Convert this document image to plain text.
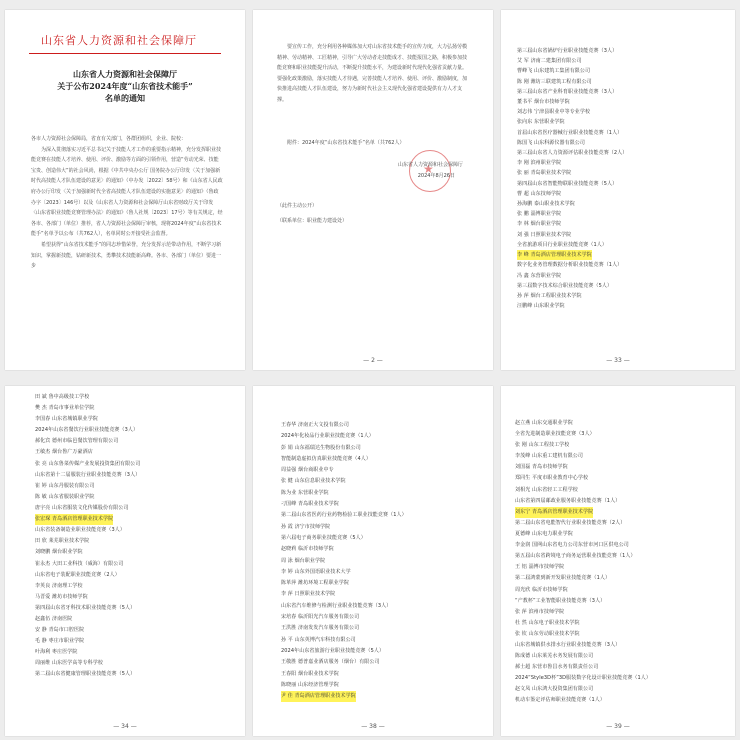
山东省人力资源和社会保障厅
山东省人力资源和社会保障厅
关于公布2024年度“山东省技术能手”
名单的通知
各市人力资源社会保障局，省直有关部门，各群团组织，企业、院校：
为深入贯彻落实习近平总书记关于技能人才工作的重要指示精神，充分发挥职业技能竞赛在技能人才培养、使用、评价、激励等方面的引领作用，营造“劳动光荣、技能宝贵、创造伟大”的社会风尚，根据《中共中央办公厅 国务院办公厅印发〈关于加强新时代高技能人才队伍建设的意见〉的通知》（中办发〔2022〕58号）和《山东省人民政府办公厅印发〈关于加强新时代全省高技能人才队伍建设的实施意见〉的通知》（鲁政办字〔2023〕146号）以及《山东省人力资源和社会保障厅山东省财政厅关于印发〈山东省职业技能竞赛管理办法〉的通知》（鲁人社规〔2023〕17号）等有关规定，经各市、各部门（单位）推荐，省人力资源社会保障厅审核，现将2024年度“山东省技术能手”名单予以公布（共762人），名单同时公开接受社会监督。
希望获得“山东省技术能手”的同志珍惜荣誉，充分发挥示范带动作用，不断学习新知识，掌握新技能，钻研新技术，勇攀技术技能新高峰。各市、各部门（单位）要进一步
要宣传工作，充分利用各种媒体加大对山东省技术能手的宣传力度，大力弘扬劳模精神、劳动精神、工匠精神，引导广大劳动者走技能成才、技能报国之路，积极参加技能竞赛和职业技能提升活动，不断提升技能水平，为建设新时代现代化强省贡献力量。要强化政策激励，落实技能人才待遇，完善技能人才培养、使用、评价、激励制度，加快推进高技能人才队伍建设，努力为新时代社会主义现代化强省建设提供有力人才支撑。
附件：2024年度“山东省技术能手”名单（共762人）
★
山东省人力资源和社会保障厅
2024年8月26日
（此件主动公开）
（联系单位：职业能力建设处）
— 2 —
第三届山东省锅炉行业职业技能竞赛（3人）
艾 军 济南二建集团有限公司
曹峰飞 山东建筑工集团有限公司
陈 刚 潍坊三联建筑工程有限公司
第三届山东省产业科育职业技能竞赛（3人）
董书平 烟台市技师学院
刘志伟 宁津县职业中等专业学校
张向东 东营职业学院
首届山东省医疗器械行业职业技能竞赛（1人）
陈国飞 山东科源仪器有限公司
第三届山东省人力资源评估职业技能竞赛（2人）
李 刚 滨州职业学院
张 丽 青岛职业技术学院
第四届山东省智能物联职业技能竞赛（5人）
曹 超 山东技师学院
孙海鹏 泰山职业技术学院
张 鹏 淄博职业学院
李 林 烟台职业学院
刘 强 日照职业技术学院
全省旅游项目行业职业技能竞赛（1人）
李 峰 青岛酒店管理职业技术学院
数字化业务管理数据分析职业技能竞赛（1人）
冯 鑫 东营职业学院
第三届数字技术综合职业技能竞赛（5人）
孙 萍 烟台工程职业技术学院
汪鹏峰 山东职业学院
— 33 —
田 斌 鲁中高级技工学校
樊 杰 青岛市事业单位学院
李国春 山东省城镇职业学院
2024年山东省餐饮行业职业技能竞赛（3人）
郝化宾 德州市临邑餐饮管理有限公司
王敏杰 烟台鲁广万豪酒店
张 亮 山东鲁菜传媒产业发展投资集团有限公司
山东省第十二届服装行业职业技能竞赛（3人）
崔 婷 山东丹服装有限公司
陈 敏 山东省服装职业学院
唐宇亮 山东省服装文化传媒股份有限公司
张宏琛 青岛酒店管理职业技术学院
山东省装备制造业职业技能竞赛（3人）
田 欣 莱芜职业技术学院
刘晓鹏 烟台职业学院
崔永杰 大田工业科技（威海）有限公司
山东省电子装配职业技能竞赛（2人）
李英良 济南理工学校
马晋爱 潍坊市技师学院
第四届山东省牙科技术职业技能竞赛（5人）
赵鑫伍 济南医院
安 静 青岛市口腔医院
毛 静 枣庄市职业学院
叶海利 枣庄医学院
周丽维 山东医学高等专科学校
第二届山东省健康管理职业技能竞赛（5人）
— 34 —
王春华 济南正大文投有限公司
2024年化妆品行业职业技能竞赛（1人）
彭 娟 山东福瑞达生物股份有限公司
智能制造虚拟仿真职业技能竞赛（4人）
周益强 烟台商职业中专
张 健 山东信息职业技术学院
陈为业 东营职业学院
刁国峰 青岛职业技术学院
第二届山东省医药行业药物检验工职业技能竞赛（1人）
孙 霞 济宁市技师学院
第六届电子商务职业技能竞赛（5人）
赵晓莉 临沂市技师学院
周 泳 烟台职业学院
李 婷 山东外国语职业技术大学
陈革萍 潍坊环境工程职业学院
李 萍 日照职业技术学院
山东省汽车维修与检测行业职业技能竞赛（3人）
宋培春 临沂阳光汽车服务有限公司
王洪胜 济南发发汽车服务有限公司
孙 平 山东英博汽车科技有限公司
2024年山东省旅游行业职业技能竞赛（5人）
王敬胜 德普嘉业酒店服务（烟台）有限公司
王春阳 烟台职业技术学院
陈晓丽 山东经济管理学院
尹 佳 青岛酒店管理职业技术学院
— 38 —
赵立燕 山东交通职业学院
全省先进制造职业技能竞赛（3人）
张 刚 山东工程技工学校
李茂峰 山东重工建机有限公司
刘国磊 青岛市技师学院
郑同生 平度市职业教育中心学校
刘相光 山东省轻工工程学校
山东省第四届邮政业服务职业技能竞赛（1人）
刘东宁 青岛酒店管理职业技术学院
第二届山东省电能智代行业职业技能竞赛（2人）
夏德峰 山东电力职业学院
李金润 国网山东省电力公司东营市河口区供电公司
第五届山东省跨境电子商务运营职业技能竞赛（1人）
王 铝 淄博市技师学院
第二届鸿蒙到新开发职业技能竞赛（1人）
周光欣 临沂市技师学院
“产教杯”工业智能职业技能竞赛（3人）
张 萍 滨州市技师学院
杜 然 山东电子职业技术学院
张 钦 山东劳动职业技术学院
山东省城镇供水排水行业职业技能竞赛（3人）
陈成德 山东莱芜水务发展有限公司
郝士超 东营市鲁昌水务有限责任公司
2024“Style3D杯”3D服装数字化设计职业技能竞赛（1人）
赵文凤 山东鸿大投资集团有限公司
机动车鉴定评估师职业技能竞赛（1人）
— 39 —
